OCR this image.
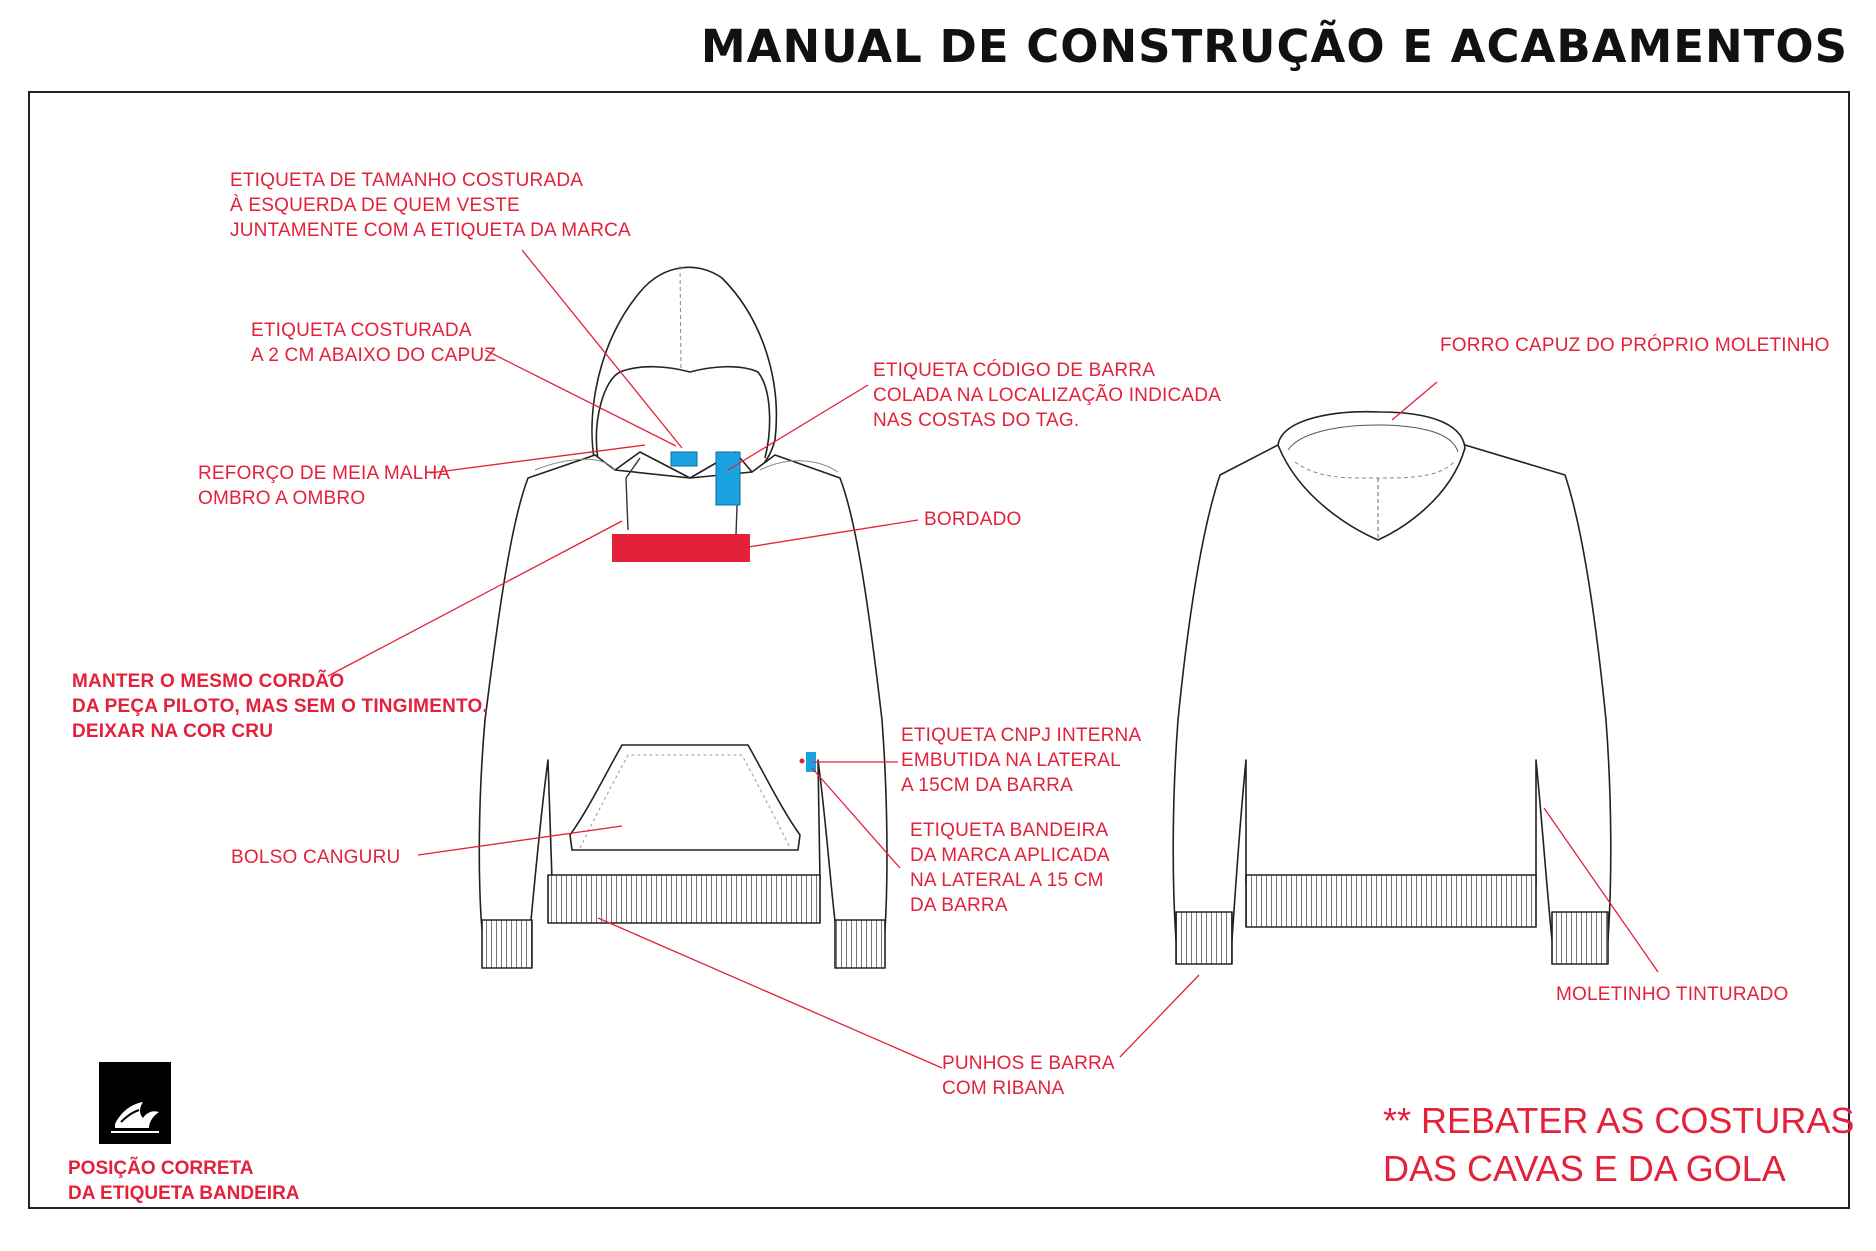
MANUAL DE CONSTRUÇÃO E ACABAMENTOS
ETIQUETA DE TAMANHO COSTURADA
À ESQUERDA DE QUEM VESTE
JUNTAMENTE COM A ETIQUETA DA MARCA
ETIQUETA COSTURADA
A 2 CM ABAIXO DO CAPUZ
REFORÇO DE MEIA MALHA
OMBRO A OMBRO
MANTER O MESMO CORDÃO
DA PEÇA PILOTO, MAS SEM O TINGIMENTO.
DEIXAR NA COR CRU
BOLSO CANGURU
ETIQUETA CÓDIGO DE BARRA
COLADA NA LOCALIZAÇÃO INDICADA
NAS COSTAS DO TAG.
BORDADO
ETIQUETA CNPJ INTERNA
EMBUTIDA NA LATERAL
A 15CM DA BARRA
ETIQUETA BANDEIRA
DA MARCA APLICADA
NA LATERAL A 15 CM
DA BARRA
PUNHOS E BARRA
COM RIBANA
FORRO CAPUZ DO PRÓPRIO MOLETINHO
MOLETINHO TINTURADO
** REBATER AS COSTURAS
DAS CAVAS E DA GOLA
POSIÇÃO CORRETA
DA ETIQUETA BANDEIRA
